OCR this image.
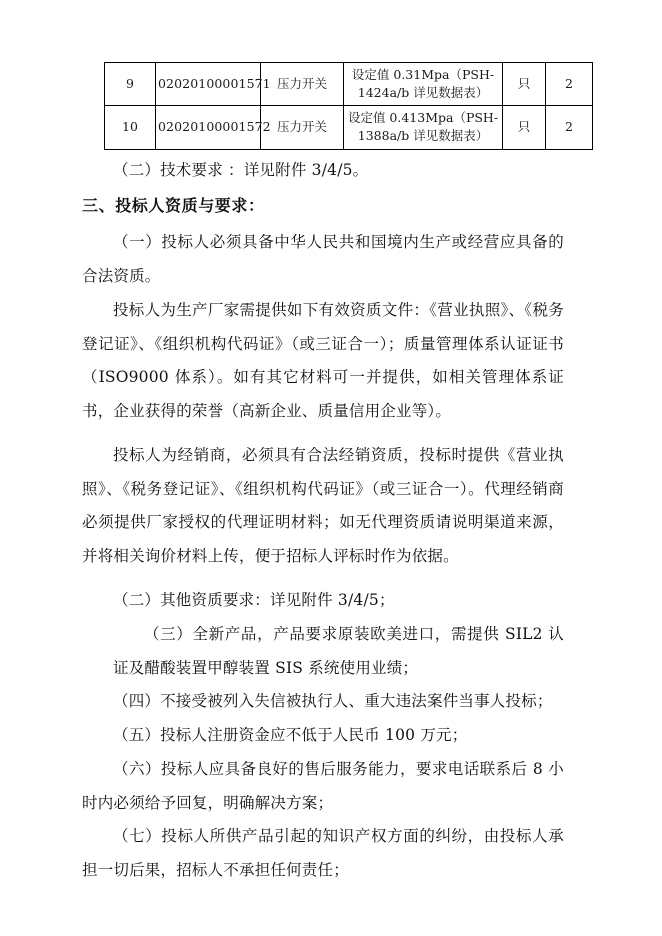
9	02020100001571	压力开关	设定值 0.31Mpa（PSH-1424a/b 详见数据表）	只	2
10	02020100001572	压力开关	设定值 0.413Mpa（PSH-1388a/b 详见数据表）	只	2

（二）技术要求 ：详见附件 3/4/5。

三、投标人资质与要求：

（一）投标人必须具备中华人民共和国境内生产或经营应具备的合法资质。

投标人为生产厂家需提供如下有效资质文件：《营业执照》、《税务登记证》、《组织机构代码证》（或三证合一）；质量管理体系认证证书（ISO9000 体系）。如有其它材料可一并提供，如相关管理体系证书，企业获得的荣誉（高新企业、质量信用企业等）。

投标人为经销商，必须具有合法经销资质，投标时提供《营业执照》、《税务登记证》、《组织机构代码证》（或三证合一）。代理经销商必须提供厂家授权的代理证明材料；如无代理资质请说明渠道来源，并将相关询价材料上传，便于招标人评标时作为依据。

（二）其他资质要求：详见附件 3/4/5；

（三）全新产品，产品要求原装欧美进口，需提供 SIL2 认证及醋酸装置甲醇装置 SIS 系统使用业绩；

（四）不接受被列入失信被执行人、重大违法案件当事人投标；

（五）投标人注册资金应不低于人民币 100 万元；

（六）投标人应具备良好的售后服务能力，要求电话联系后 8 小时内必须给予回复，明确解决方案；

（七）投标人所供产品引起的知识产权方面的纠纷，由投标人承担一切后果，招标人不承担任何责任；
